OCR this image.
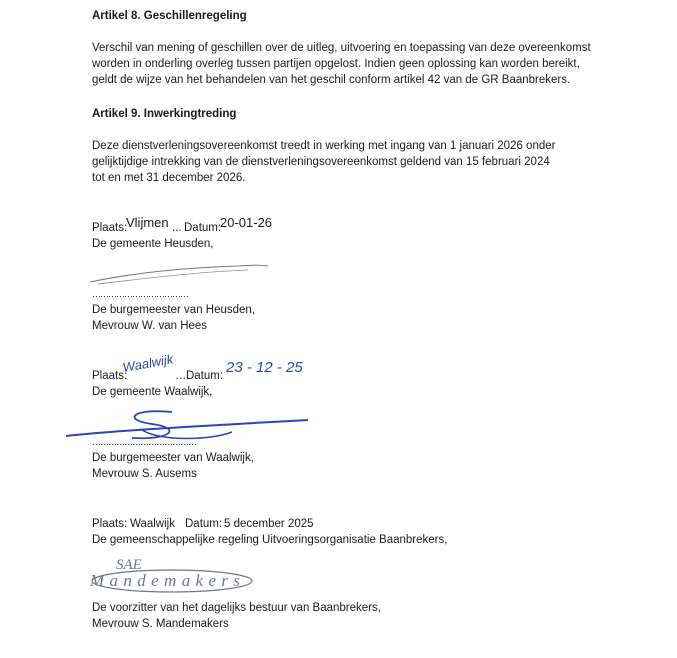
Artikel 8. Geschillenregeling
Verschil van mening of geschillen over de uitleg, uitvoering en toepassing van deze overeenkomst
worden in onderling overleg tussen partijen opgelost. Indien geen oplossing kan worden bereikt,
geldt de wijze van het behandelen van het geschil conform artikel 42 van de GR Baanbrekers.
Artikel 9. Inwerkingtreding
Deze dienstverleningsovereenkomst treedt in werking met ingang van 1 januari 2026 onder
gelijktijdige intrekking van de dienstverleningsovereenkomst geldend van 15 februari 2024
tot en met 31 december 2026.
Plaats:
Vlijmen ... Datum:
20-01-26
De gemeente Heusden,
………………………………
De burgemeester van Heusden,
Mevrouw W. van Hees
Plaats:
Waalwijk
… Datum: 23 - 12 - 25
De gemeente Waalwijk,
…………………………………
De burgemeester van Waalwijk,
Mevrouw S. Ausems
Plaats: Waalwijk Datum: 5 december 2025
De gemeenschappelijke regeling Uitvoeringsorganisatie Baanbrekers,
SAE
Mandemakers
De voorzitter van het dagelijks bestuur van Baanbrekers,
Mevrouw S. Mandemakers
